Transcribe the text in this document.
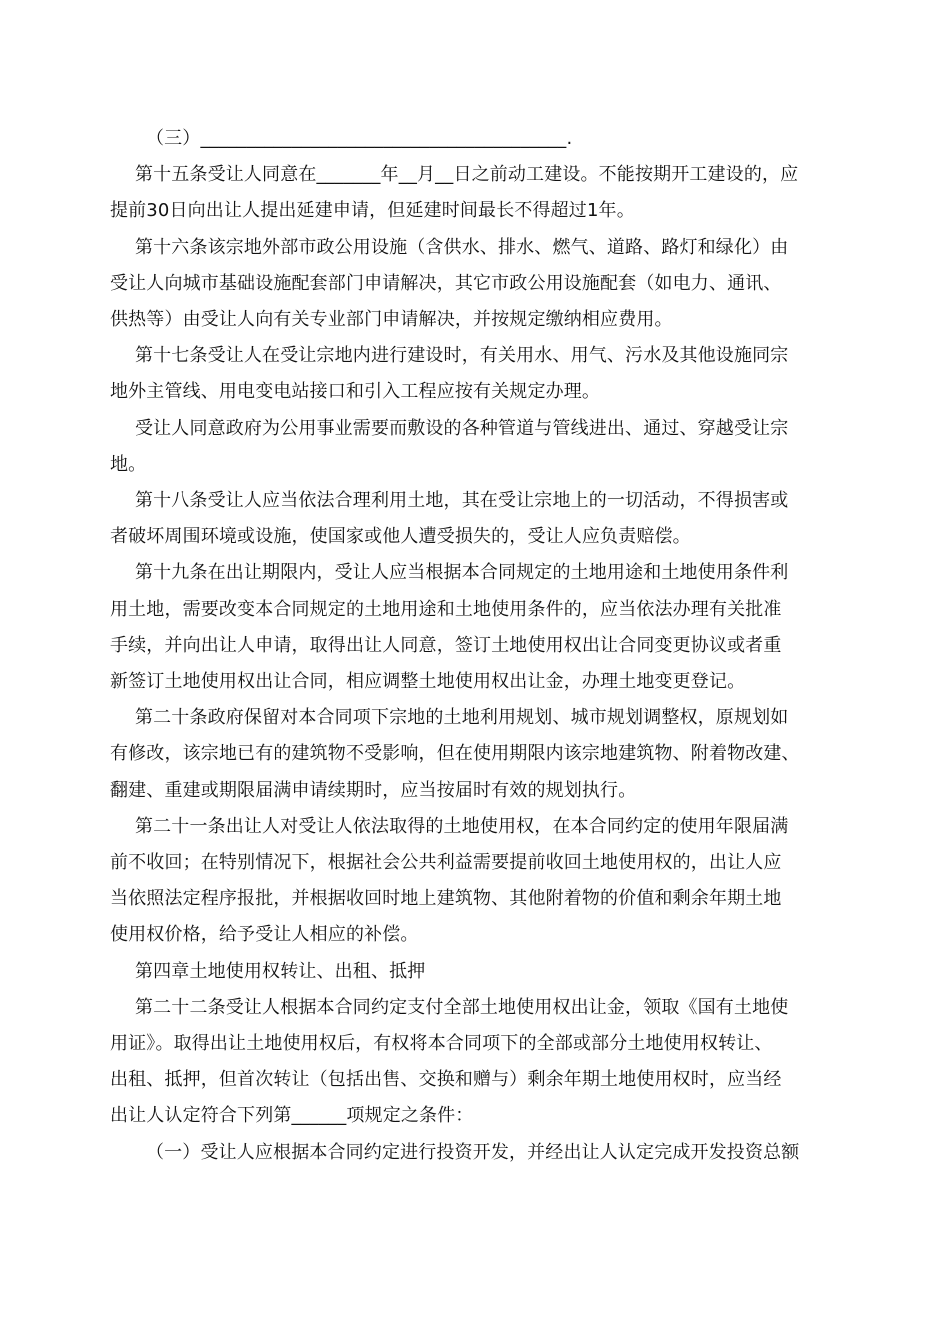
（三）________________________________________.
第十五条受让人同意在_______年__月__日之前动工建设。不能按期开工建设的，应
提前30日向出让人提出延建申请，但延建时间最长不得超过1年。
第十六条该宗地外部市政公用设施（含供水、排水、燃气、道路、路灯和绿化）由
受让人向城市基础设施配套部门申请解决，其它市政公用设施配套（如电力、通讯、
供热等）由受让人向有关专业部门申请解决，并按规定缴纳相应费用。
第十七条受让人在受让宗地内进行建设时，有关用水、用气、污水及其他设施同宗
地外主管线、用电变电站接口和引入工程应按有关规定办理。
受让人同意政府为公用事业需要而敷设的各种管道与管线进出、通过、穿越受让宗
地。
第十八条受让人应当依法合理利用土地，其在受让宗地上的一切活动，不得损害或
者破坏周围环境或设施，使国家或他人遭受损失的，受让人应负责赔偿。
第十九条在出让期限内，受让人应当根据本合同规定的土地用途和土地使用条件利
用土地，需要改变本合同规定的土地用途和土地使用条件的，应当依法办理有关批准
手续，并向出让人申请，取得出让人同意，签订土地使用权出让合同变更协议或者重
新签订土地使用权出让合同，相应调整土地使用权出让金，办理土地变更登记。
第二十条政府保留对本合同项下宗地的土地利用规划、城市规划调整权，原规划如
有修改，该宗地已有的建筑物不受影响，但在使用期限内该宗地建筑物、附着物改建、
翻建、重建或期限届满申请续期时，应当按届时有效的规划执行。
第二十一条出让人对受让人依法取得的土地使用权，在本合同约定的使用年限届满
前不收回；在特别情况下，根据社会公共利益需要提前收回土地使用权的，出让人应
当依照法定程序报批，并根据收回时地上建筑物、其他附着物的价值和剩余年期土地
使用权价格，给予受让人相应的补偿。
第四章土地使用权转让、出租、抵押
第二十二条受让人根据本合同约定支付全部土地使用权出让金，领取《国有土地使
用证》。取得出让土地使用权后，有权将本合同项下的全部或部分土地使用权转让、
出租、抵押，但首次转让（包括出售、交换和赠与）剩余年期土地使用权时，应当经
出让人认定符合下列第______项规定之条件：
（一）受让人应根据本合同约定进行投资开发，并经出让人认定完成开发投资总额
